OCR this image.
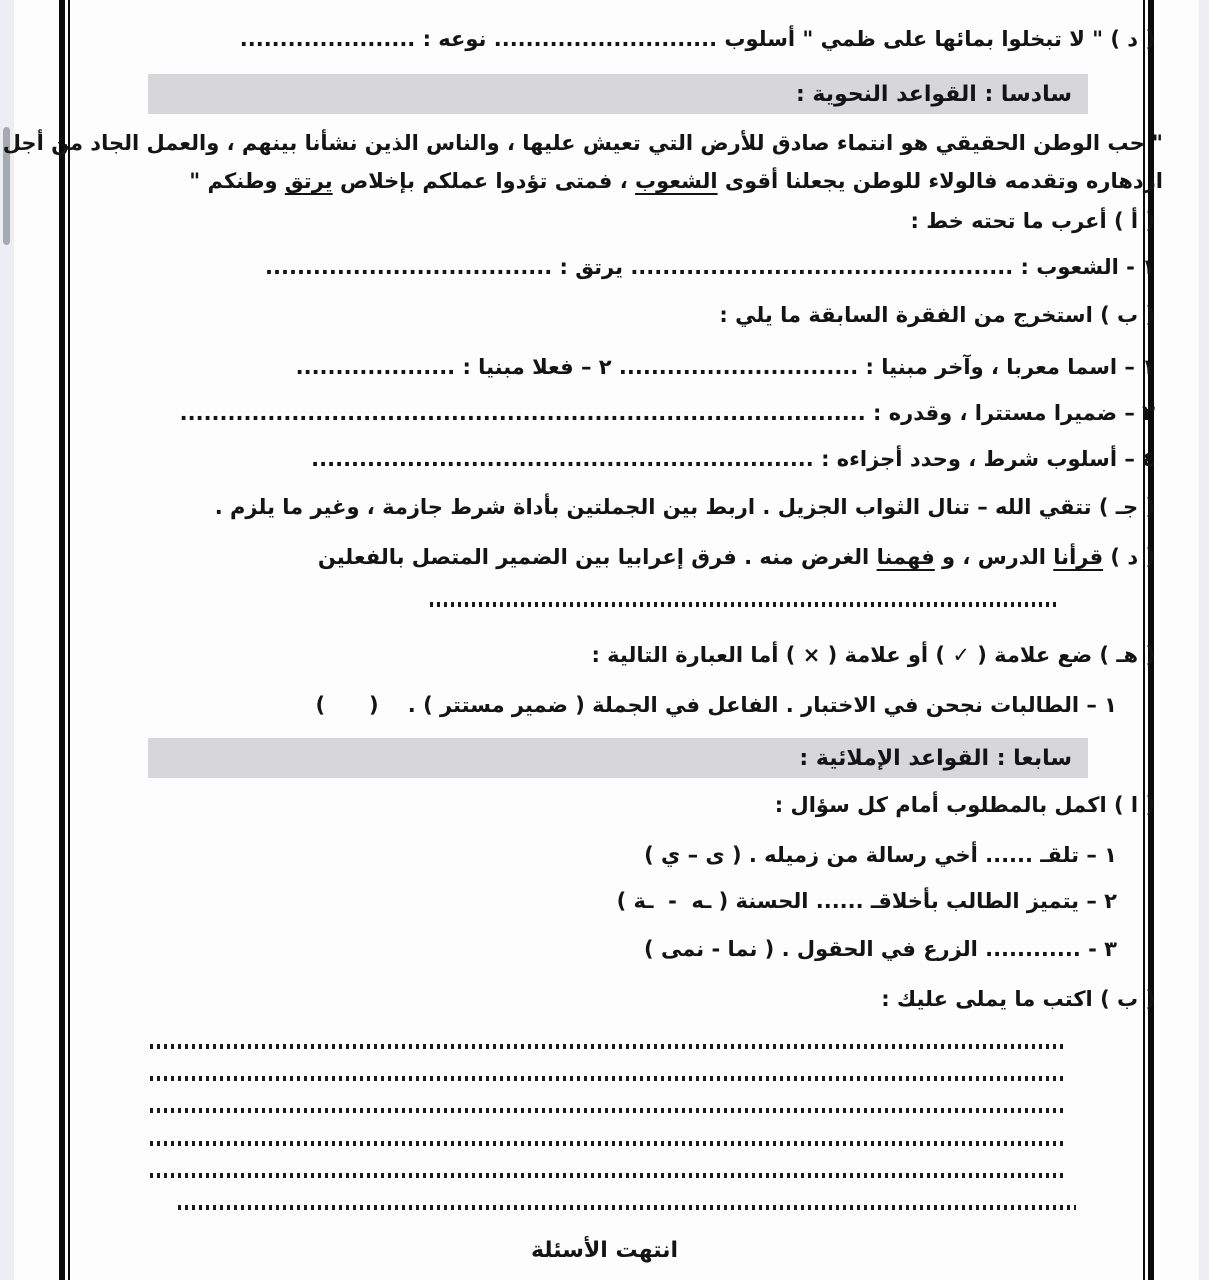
( د ) " لا تبخلوا بمائها على ظمي " أسلوب ............................ نوعه : ......................
سادسا : القواعد النحوية :
" حب الوطن الحقيقي هو انتماء صادق للأرض التي تعيش عليها ، والناس الذين نشأنا بينهم ، والعمل الجاد من أجل
ازدهاره وتقدمه فالولاء للوطن يجعلنا أقوى الشعوب ، فمتى تؤدوا عملكم بإخلاص يرتق وطنكم "
( أ ) أعرب ما تحته خط :
١ - الشعوب : ................................................ يرتق : ....................................
( ب ) استخرج من الفقرة السابقة ما يلي :
١ – اسما معربا ، وآخر مبنيا : .............................. ٢ – فعلا مبنيا : ....................
٣ – ضميرا مستترا ، وقدره : ......................................................................................
٤ – أسلوب شرط ، وحدد أجزاءه : ...............................................................
( جـ ) تتقي الله – تنال الثواب الجزيل . اربط بين الجملتين بأداة شرط جازمة ، وغير ما يلزم .
( د ) قرأنا الدرس ، و فهمنا الغرض منه . فرق إعرابيا بين الضمير المتصل بالفعلين
( هـ ) ضع علامة ( ✓ ) أو علامة ( × ) أما العبارة التالية :
١ – الطالبات نجحن في الاختبار . الفاعل في الجملة ( ضمير مستتر ) .    (      )
سابعا : القواعد الإملائية :
( ا ) اكمل بالمطلوب أمام كل سؤال :
١ – تلقـ ...... أخي رسالة من زميله . ( ى – ي )
٢ – يتميز الطالب بأخلاقـ ...... الحسنة ( ـه  -  ـة )
٣ - ............ الزرع في الحقول . ( نما - نمى )
( ب ) اكتب ما يملى عليك :
انتهت الأسئلة
